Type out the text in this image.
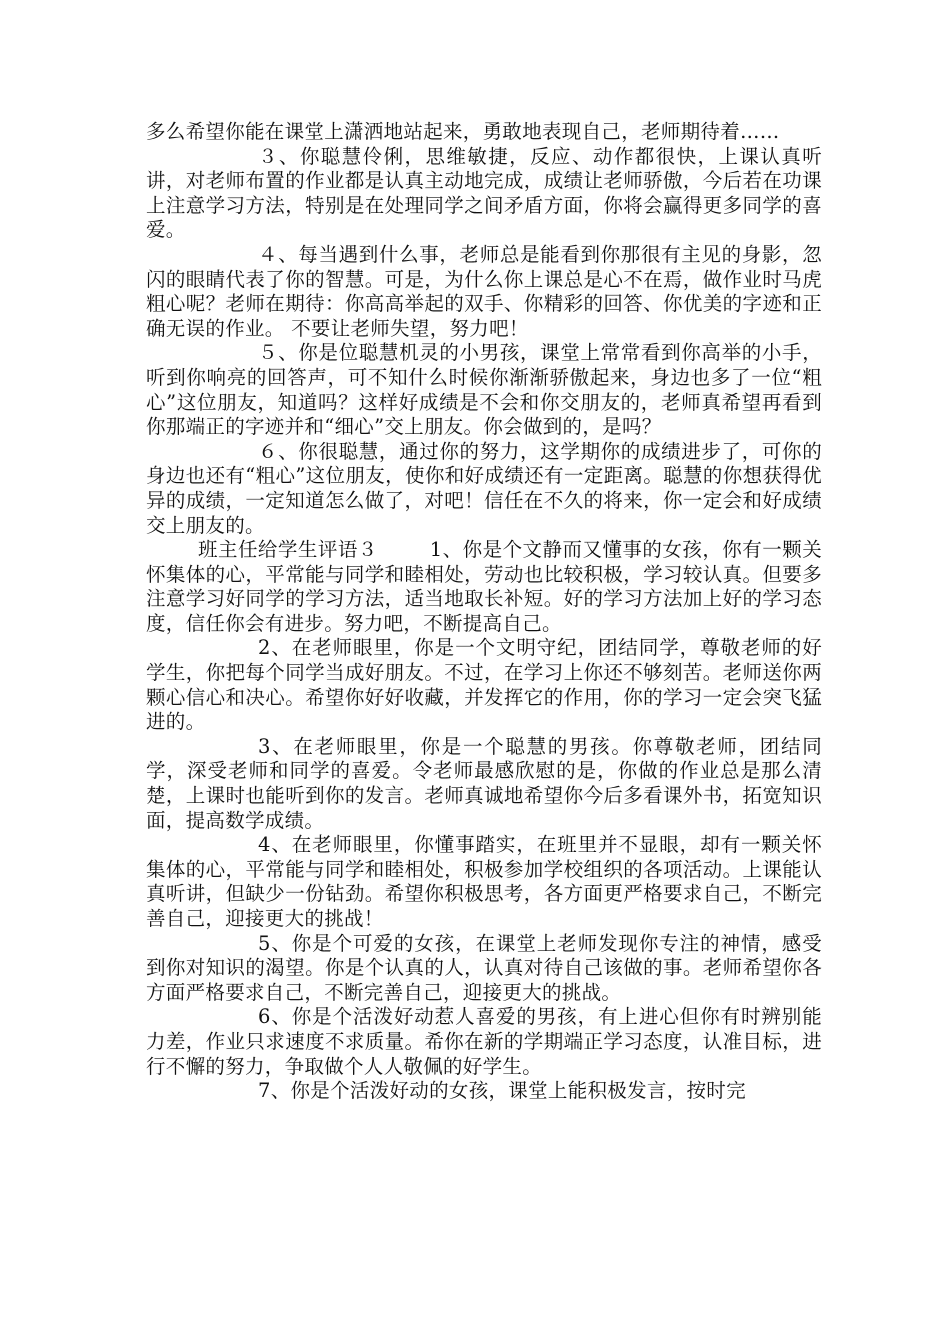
多么希望你能在课堂上潇洒地站起来，勇敢地表现自己，老师期待着……

３、你聪慧伶俐，思维敏捷，反应、动作都很快，上课认真听讲，对老师布置的作业都是认真主动地完成，成绩让老师骄傲，今后若在功课上注意学习方法，特别是在处理同学之间矛盾方面，你将会赢得更多同学的喜爱。

４、每当遇到什么事，老师总是能看到你那很有主见的身影，忽闪的眼睛代表了你的智慧。可是，为什么你上课总是心不在焉，做作业时马虎粗心呢？老师在期待：你高高举起的双手、你精彩的回答、你优美的字迹和正确无误的作业。 不要让老师失望，努力吧！

５、你是位聪慧机灵的小男孩，课堂上常常看到你高举的小手，听到你响亮的回答声，可不知什么时候你渐渐骄傲起来，身边也多了一位“粗心”这位朋友，知道吗？这样好成绩是不会和你交朋友的，老师真希望再看到你那端正的字迹并和“细心”交上朋友。你会做到的，是吗？

６、你很聪慧，通过你的努力，这学期你的成绩进步了，可你的身边也还有“粗心”这位朋友，使你和好成绩还有一定距离。聪慧的你想获得优异的成绩，一定知道怎么做了，对吧！信任在不久的将来，你一定会和好成绩交上朋友的。

班主任给学生评语３	1、你是个文静而又懂事的女孩，你有一颗关怀集体的心，平常能与同学和睦相处，劳动也比较积极，学习较认真。但要多注意学习好同学的学习方法，适当地取长补短。好的学习方法加上好的学习态度，信任你会有进步。努力吧，不断提高自己。

2、在老师眼里，你是一个文明守纪，团结同学，尊敬老师的好学生，你把每个同学当成好朋友。不过，在学习上你还不够刻苦。老师送你两颗心信心和决心。希望你好好收藏，并发挥它的作用，你的学习一定会突飞猛进的。

3、在老师眼里，你是一个聪慧的男孩。你尊敬老师，团结同学，深受老师和同学的喜爱。令老师最感欣慰的是，你做的作业总是那么清楚，上课时也能听到你的发言。老师真诚地希望你今后多看课外书，拓宽知识面，提高数学成绩。

4、在老师眼里，你懂事踏实，在班里并不显眼，却有一颗关怀集体的心，平常能与同学和睦相处，积极参加学校组织的各项活动。上课能认真听讲，但缺少一份钻劲。希望你积极思考，各方面更严格要求自己，不断完善自己，迎接更大的挑战！

5、你是个可爱的女孩，在课堂上老师发现你专注的神情，感受到你对知识的渴望。你是个认真的人，认真对待自己该做的事。老师希望你各方面严格要求自己，不断完善自己，迎接更大的挑战。

6、你是个活泼好动惹人喜爱的男孩，有上进心但你有时辨别能力差，作业只求速度不求质量。希你在新的学期端正学习态度，认准目标，进行不懈的努力，争取做个人人敬佩的好学生。

7、你是个活泼好动的女孩，课堂上能积极发言，按时完
